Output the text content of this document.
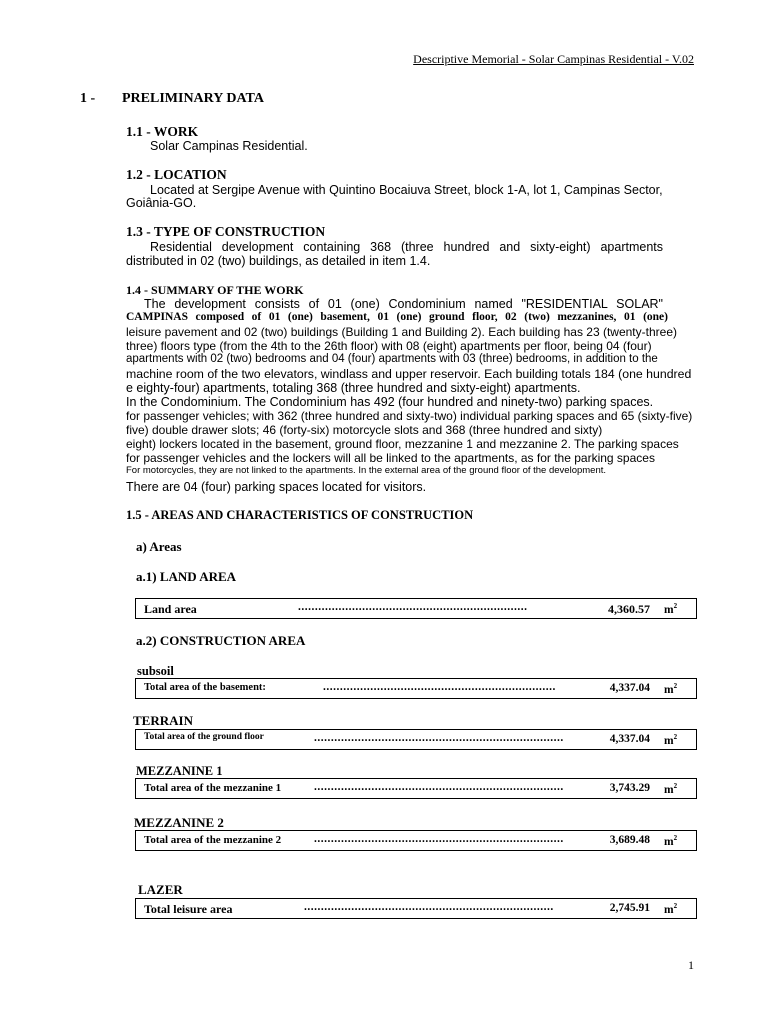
Descriptive Memorial - Solar Campinas Residential - V.02
1 - PRELIMINARY DATA
1.1 - WORK
Solar Campinas Residential.
1.2 - LOCATION
Located at Sergipe Avenue with Quintino Bocaiuva Street, block 1-A, lot 1, Campinas Sector,
Goiânia-GO.
1.3 - TYPE OF CONSTRUCTION
Residential development containing 368 (three hundred and sixty-eight) apartments
distributed in 02 (two) buildings, as detailed in item 1.4.
1.4 - SUMMARY OF THE WORK
The development consists of 01 (one) Condominium named "RESIDENTIAL SOLAR"
CAMPINAS composed of 01 (one) basement, 01 (one) ground floor, 02 (two) mezzanines, 01 (one)
leisure pavement and 02 (two) buildings (Building 1 and Building 2). Each building has 23 (twenty-three)
three) floors type (from the 4th to the 26th floor) with 08 (eight) apartments per floor, being 04 (four)
apartments with 02 (two) bedrooms and 04 (four) apartments with 03 (three) bedrooms, in addition to the
machine room of the two elevators, windlass and upper reservoir. Each building totals 184 (one hundred
e eighty-four) apartments, totaling 368 (three hundred and sixty-eight) apartments.
In the Condominium. The Condominium has 492 (four hundred and ninety-two) parking spaces.
for passenger vehicles; with 362 (three hundred and sixty-two) individual parking spaces and 65 (sixty-five)
five) double drawer slots; 46 (forty-six) motorcycle slots and 368 (three hundred and sixty)
eight) lockers located in the basement, ground floor, mezzanine 1 and mezzanine 2. The parking spaces
for passenger vehicles and the lockers will all be linked to the apartments, as for the parking spaces
For motorcycles, they are not linked to the apartments. In the external area of the ground floor of the development.
There are 04 (four) parking spaces located for visitors.
1.5 - AREAS AND CHARACTERISTICS OF CONSTRUCTION
a) Areas
a.1) LAND AREA
Land area	....................................................................	4,360.57 $m^2$
a.2) CONSTRUCTION AREA
subsoil
Total area of the basement:	.....................................................................	4,337.04 $m^2$
TERRAIN
Total area of the ground floor	..........................................................................	4,337.04 $m^2$
MEZZANINE 1
Total area of the mezzanine 1	..........................................................................	3,743.29 $m^2$
MEZZANINE 2
Total area of the mezzanine 2	..........................................................................	3,689.48 $m^2$
LAZER
Total leisure area	..........................................................................	2,745.91 $m^2$
1
